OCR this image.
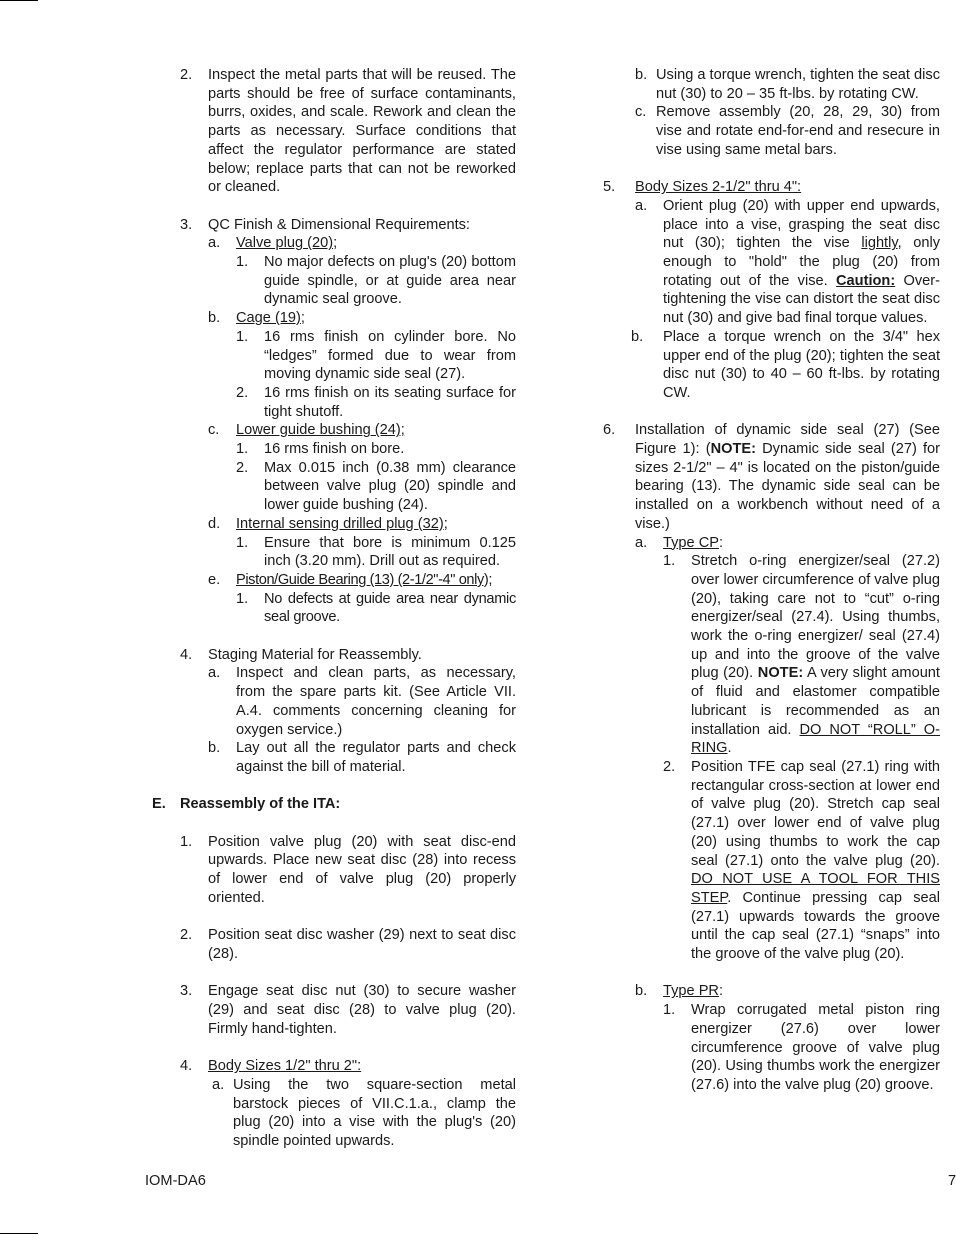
2. Inspect the metal parts that will be reused. The parts should be free of surface contaminants, burrs, oxides, and scale. Rework and clean the parts as necessary. Surface conditions that affect the regulator performance are stated below; replace parts that can not be reworked or cleaned.
3. QC Finish & Dimensional Requirements:
a. Valve plug (20);
1. No major defects on plug's (20) bottom guide spindle, or at guide area near dynamic seal groove.
b. Cage (19);
1. 16 rms finish on cylinder bore. No “ledges” formed due to wear from moving dynamic side seal (27).
2. 16 rms finish on its seating surface for tight shutoff.
c. Lower guide bushing (24);
1. 16 rms finish on bore.
2. Max 0.015 inch (0.38 mm) clearance between valve plug (20) spindle and lower guide bushing (24).
d. Internal sensing drilled plug (32);
1. Ensure that bore is minimum 0.125 inch (3.20 mm). Drill out as required.
e. Piston/Guide Bearing (13) (2-1/2"-4" only);
1. No defects at guide area near dynamic seal groove.
4. Staging Material for Reassembly.
a. Inspect and clean parts, as necessary, from the spare parts kit. (See Article VII. A.4. comments concerning cleaning for oxygen service.)
b. Lay out all the regulator parts and check against the bill of material.
E. Reassembly of the ITA:
1. Position valve plug (20) with seat disc-end upwards. Place new seat disc (28) into recess of lower end of valve plug (20) properly oriented.
2. Position seat disc washer (29) next to seat disc (28).
3. Engage seat disc nut (30) to secure washer (29) and seat disc (28) to valve plug (20). Firmly hand-tighten.
4. Body Sizes 1/2" thru 2":
a. Using the two square-section metal barstock pieces of VII.C.1.a., clamp the plug (20) into a vise with the plug's (20) spindle pointed upwards.
b. Using a torque wrench, tighten the seat disc nut (30) to 20 – 35 ft-lbs. by rotating CW.
c. Remove assembly (20, 28, 29, 30) from vise and rotate end-for-end and resecure in vise using same metal bars.
5. Body Sizes 2-1/2" thru 4":
a. Orient plug (20) with upper end upwards, place into a vise, grasping the seat disc nut (30); tighten the vise lightly, only enough to "hold" the plug (20) from rotating out of the vise. Caution: Over-tightening the vise can distort the seat disc nut (30) and give bad final torque values.
b. Place a torque wrench on the 3/4" hex upper end of the plug (20); tighten the seat disc nut (30) to 40 – 60 ft-lbs. by rotating CW.
6. Installation of dynamic side seal (27) (See Figure 1): (NOTE: Dynamic side seal (27) for sizes 2-1/2" – 4" is located on the piston/guide bearing (13). The dynamic side seal can be installed on a workbench without need of a vise.)
a. Type CP:
1. Stretch o-ring energizer/seal (27.2) over lower circumference of valve plug (20), taking care not to “cut” o-ring energizer/seal (27.4). Using thumbs, work the o-ring energizer/ seal (27.4) up and into the groove of the valve plug (20). NOTE: A very slight amount of fluid and elastomer compatible lubricant is recommended as an installation aid. DO NOT “ROLL” O-RING.
2. Position TFE cap seal (27.1) ring with rectangular cross-section at lower end of valve plug (20). Stretch cap seal (27.1) over lower end of valve plug (20) using thumbs to work the cap seal (27.1) onto the valve plug (20). DO NOT USE A TOOL FOR THIS STEP. Continue pressing cap seal (27.1) upwards towards the groove until the cap seal (27.1) “snaps” into the groove of the valve plug (20).
b. Type PR:
1. Wrap corrugated metal piston ring energizer (27.6) over lower circumference groove of valve plug (20). Using thumbs work the energizer (27.6) into the valve plug (20) groove.
IOM-DA6	7
